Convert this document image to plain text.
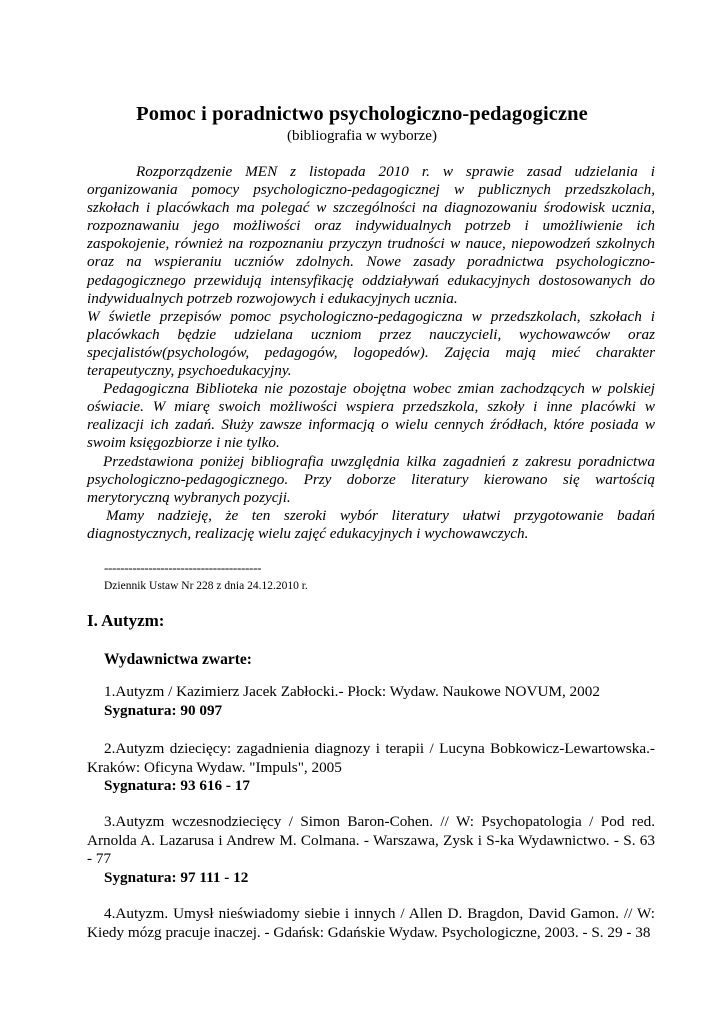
Pomoc i poradnictwo psychologiczno-pedagogiczne
(bibliografia w wyborze)

Rozporządzenie MEN z listopada 2010 r. w sprawie zasad udzielania i organizowania pomocy psychologiczno-pedagogicznej w publicznych przedszkolach, szkołach i placówkach ma polegać w szczególności na diagnozowaniu środowisk ucznia, rozpoznawaniu jego możliwości oraz indywidualnych potrzeb i umożliwienie ich zaspokojenie, również na rozpoznaniu przyczyn trudności w nauce, niepowodzeń szkolnych oraz na wspieraniu uczniów zdolnych. Nowe zasady poradnictwa psychologiczno-pedagogicznego przewidują intensyfikację oddziaływań edukacyjnych dostosowanych do indywidualnych potrzeb rozwojowych i edukacyjnych ucznia.

W świetle przepisów pomoc psychologiczno-pedagogiczna w przedszkolach, szkołach i placówkach będzie udzielana uczniom przez nauczycieli, wychowawców oraz specjalistów(psychologów, pedagogów, logopedów). Zajęcia mają mieć charakter terapeutyczny, psychoedukacyjny.

Pedagogiczna Biblioteka nie pozostaje obojętna wobec zmian zachodzących w polskiej oświacie. W miarę swoich możliwości wspiera przedszkola, szkoły i inne placówki w realizacji ich zadań. Służy zawsze informacją o wielu cennych źródłach, które posiada w swoim księgozbiorze i nie tylko.

Przedstawiona poniżej bibliografia uwzględnia kilka zagadnień z zakresu poradnictwa psychologiczno-pedagogicznego. Przy doborze literatury kierowano się wartością merytoryczną wybranych pozycji.

Mamy nadzieję, że ten szeroki wybór literatury ułatwi przygotowanie badań diagnostycznych, realizację wielu zajęć edukacyjnych i wychowawczych.

---------------------------------------
Dziennik Ustaw Nr 228 z dnia 24.12.2010 r.
I. Autyzm:
Wydawnictwa zwarte:
1.Autyzm / Kazimierz Jacek Zabłocki.- Płock: Wydaw. Naukowe NOVUM, 2002
Sygnatura: 90 097
2.Autyzm dziecięcy: zagadnienia diagnozy i terapii / Lucyna Bobkowicz-Lewartowska.- Kraków: Oficyna Wydaw. "Impuls", 2005
Sygnatura: 93 616 - 17
3.Autyzm wczesnodziecięcy / Simon Baron-Cohen. // W: Psychopatologia / Pod red. Arnolda A. Lazarusa i Andrew M. Colmana. - Warszawa, Zysk i S-ka Wydawnictwo. - S. 63 - 77
Sygnatura: 97 111 - 12
4.Autyzm. Umysł nieświadomy siebie i innych / Allen D. Bragdon, David Gamon. // W: Kiedy mózg pracuje inaczej. - Gdańsk: Gdańskie Wydaw. Psychologiczne, 2003. - S. 29 - 38
